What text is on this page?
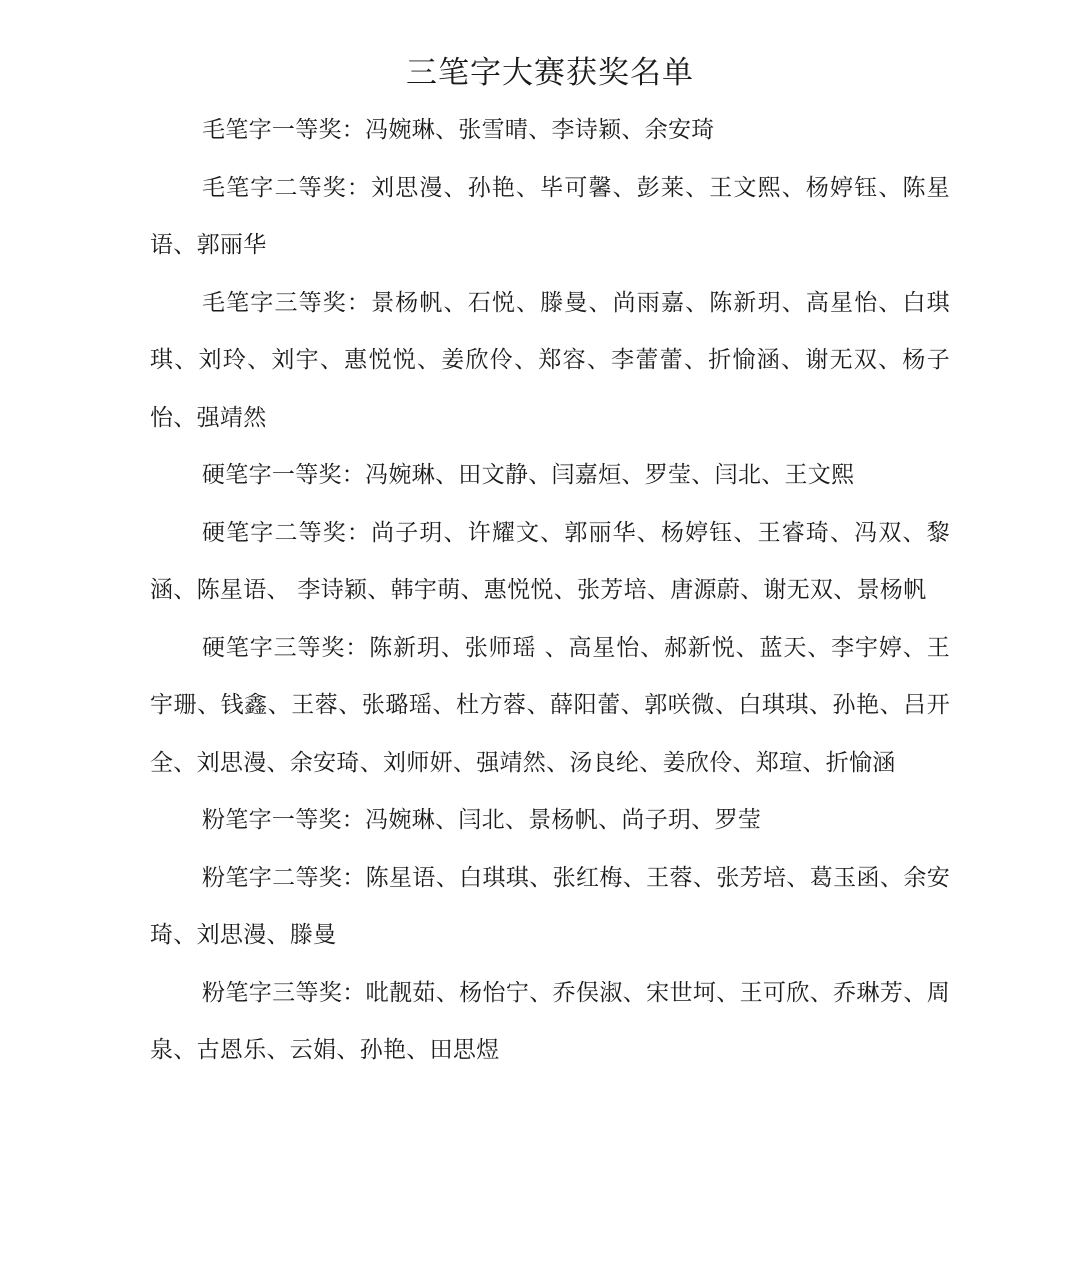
三笔字大赛获奖名单

毛笔字一等奖：冯婉琳、张雪晴、李诗颖、余安琦

毛笔字二等奖：刘思漫、孙艳、毕可馨、彭莱、王文熙、杨婷钰、陈星语、郭丽华

毛笔字三等奖：景杨帆、石悦、滕曼、尚雨嘉、陈新玥、高星怡、白琪琪、刘玲、刘宇、惠悦悦、姜欣伶、郑容、李蕾蕾、折愉涵、谢无双、杨子怡、强靖然

硬笔字一等奖：冯婉琳、田文静、闫嘉烜、罗莹、闫北、王文熙

硬笔字二等奖：尚子玥、许耀文、郭丽华、杨婷钰、王睿琦、冯双、黎涵、陈星语、 李诗颖、韩宇萌、惠悦悦、张芳培、唐源蔚、谢无双、景杨帆

硬笔字三等奖：陈新玥、张师瑶 、高星怡、郝新悦、蓝天、李宇婷、王宇珊、钱鑫、王蓉、张璐瑶、杜方蓉、薛阳蕾、郭咲微、白琪琪、孙艳、吕开全、刘思漫、余安琦、刘师妍、强靖然、汤良纶、姜欣伶、郑瑄、折愉涵

粉笔字一等奖：冯婉琳、闫北、景杨帆、尚子玥、罗莹

粉笔字二等奖：陈星语、白琪琪、张红梅、王蓉、张芳培、葛玉函、余安琦、刘思漫、滕曼

粉笔字三等奖：吡靓茹、杨怡宁、乔俣淑、宋世坷、王可欣、乔琳芳、周泉、古恩乐、云娟、孙艳、田思煜
